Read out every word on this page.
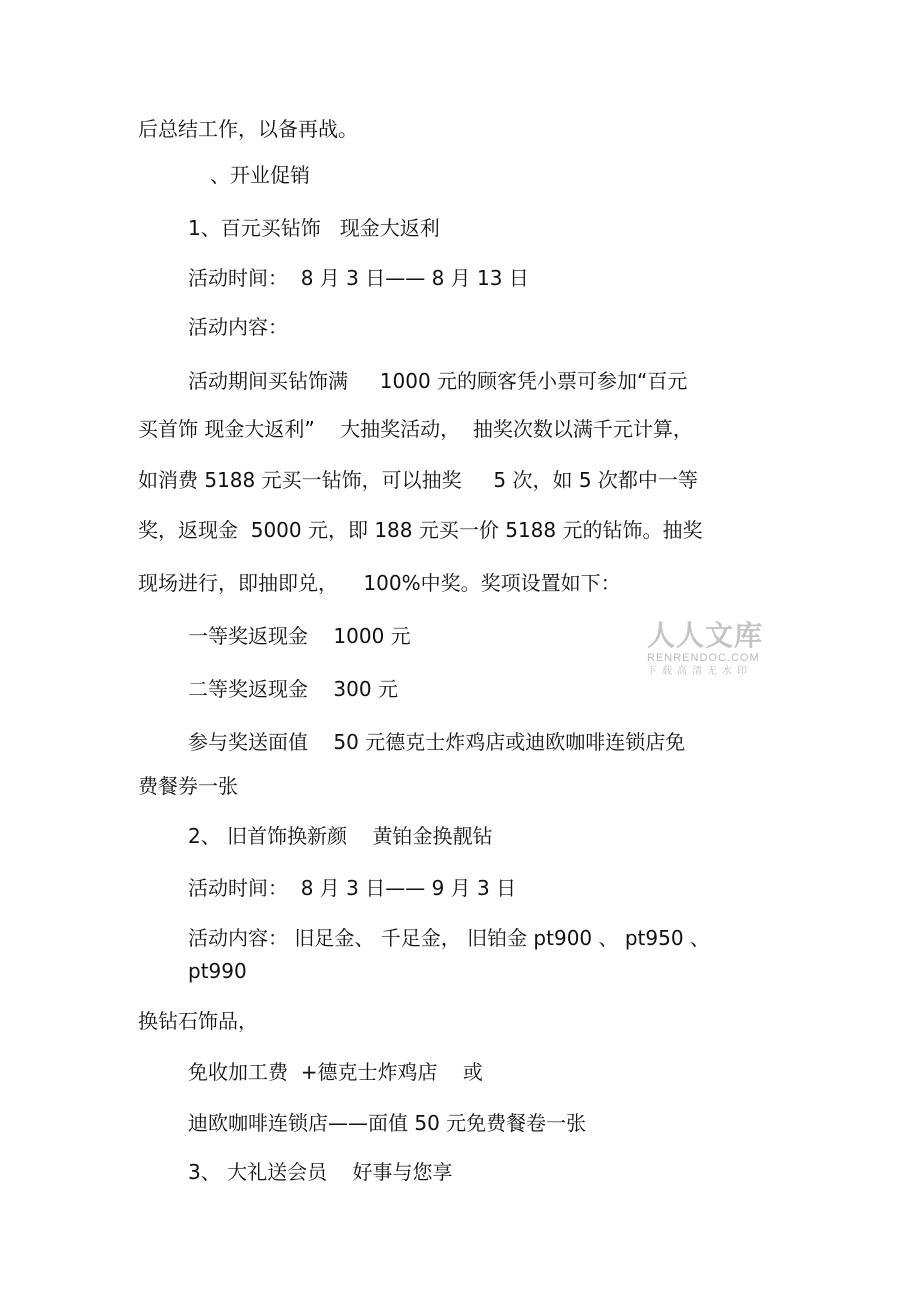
后总结工作，以备再战。
、开业促销
1、百元买钻饰   现金大返利
活动时间：  8 月 3 日—— 8 月 13 日
活动内容：
活动期间买钻饰满     1000 元的顾客凭小票可参加“百元
买首饰 现金大返利”    大抽奖活动，  抽奖次数以满千元计算，
如消费 5188 元买一钻饰，可以抽奖     5 次，如 5 次都中一等
奖，返现金  5000 元，即 188 元买一价 5188 元的钻饰。抽奖
现场进行，即抽即兑，    100%中奖。奖项设置如下：
一等奖返现金    1000 元
二等奖返现金    300 元
参与奖送面值    50 元德克士炸鸡店或迪欧咖啡连锁店免
费餐券一张
2、 旧首饰换新颜    黄铂金换靓钻
活动时间：  8 月 3 日—— 9 月 3 日
活动内容： 旧足金、 千足金， 旧铂金 pt900 、 pt950 、
pt990
换钻石饰品，
免收加工费  +德克士炸鸡店    或
迪欧咖啡连锁店——面值 50 元免费餐卷一张
3、 大礼送会员    好事与您享
人人文库
RENRENDOC.COM
下载高清无水印
